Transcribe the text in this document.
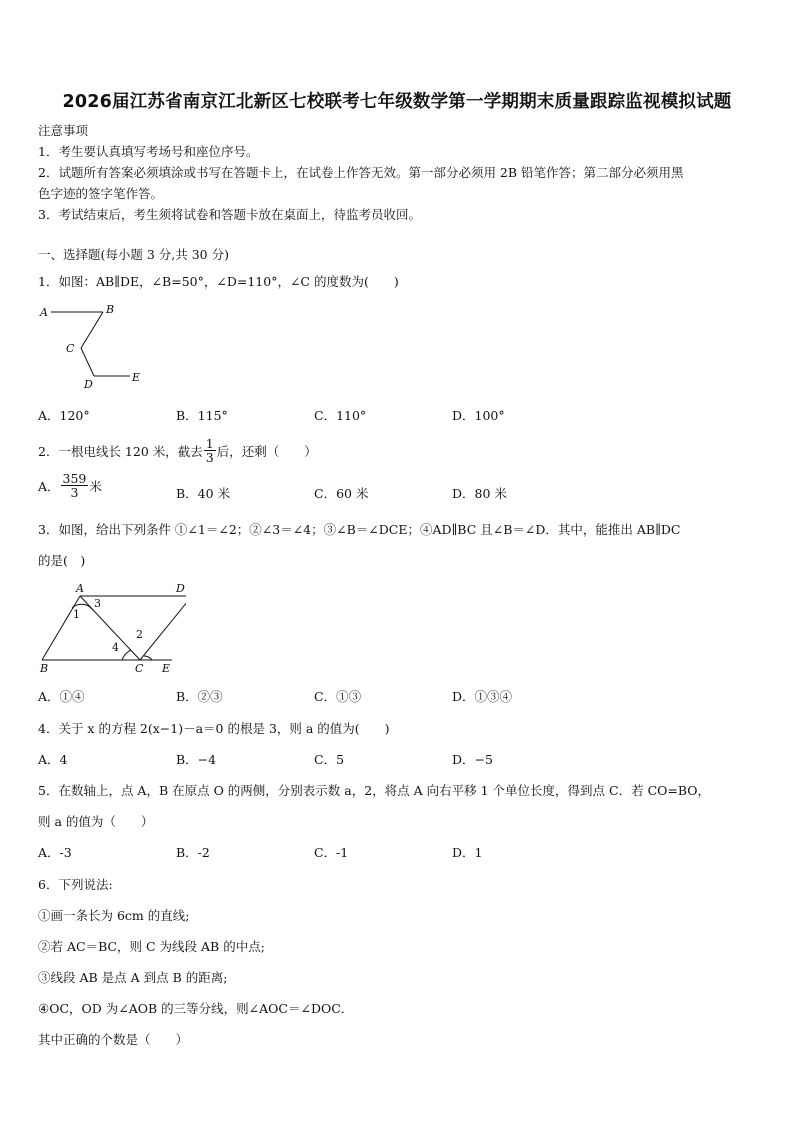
2026届江苏省南京江北新区七校联考七年级数学第一学期期末质量跟踪监视模拟试题
注意事项
1．考生要认真填写考场号和座位序号。
2．试题所有答案必须填涂或书写在答题卡上，在试卷上作答无效。第一部分必须用 2B 铅笔作答；第二部分必须用黑
色字迹的签字笔作答。
3．考试结束后，考生须将试卷和答题卡放在桌面上，待监考员收回。
一、选择题(每小题 3 分,共 30 分)
1．如图：AB∥DE，∠B=50°，∠D=110°，∠C 的度数为(　　)
A	B
C
D
E
A．120°	B．115°	C．110°	D．100°
2．一根电线长 120 米，截去 $\frac{1}{3}$ 后，还剩（　　）
A． $\frac{359}{3}$ 米	B．40 米	C．60 米	D．80 米
3．如图，给出下列条件 ①∠1＝∠2；②∠3＝∠4；③∠B＝∠DCE；④AD∥BC 且∠B＝∠D．其中，能推出 AB∥DC
的是(　)
A	D
B	C E
1
2
3
4
A．①④	B．②③	C．①③	D．①③④
4．关于 x 的方程 2(x−1)－a＝0 的根是 3，则 a 的值为(　　)
A．4	B．−4	C．5	D．−5
5．在数轴上，点 A，B 在原点 O 的两侧，分别表示数 a，2，将点 A 向右平移 1 个单位长度，得到点 C．若 CO=BO，
则 a 的值为（　　）
A．-3	B．-2	C．-1	D．1
6．下列说法:
①画一条长为 6cm 的直线;
②若 AC＝BC，则 C 为线段 AB 的中点;
③线段 AB 是点 A 到点 B 的距离;
④OC，OD 为∠AOB 的三等分线，则∠AOC＝∠DOC．
其中正确的个数是（　　）
